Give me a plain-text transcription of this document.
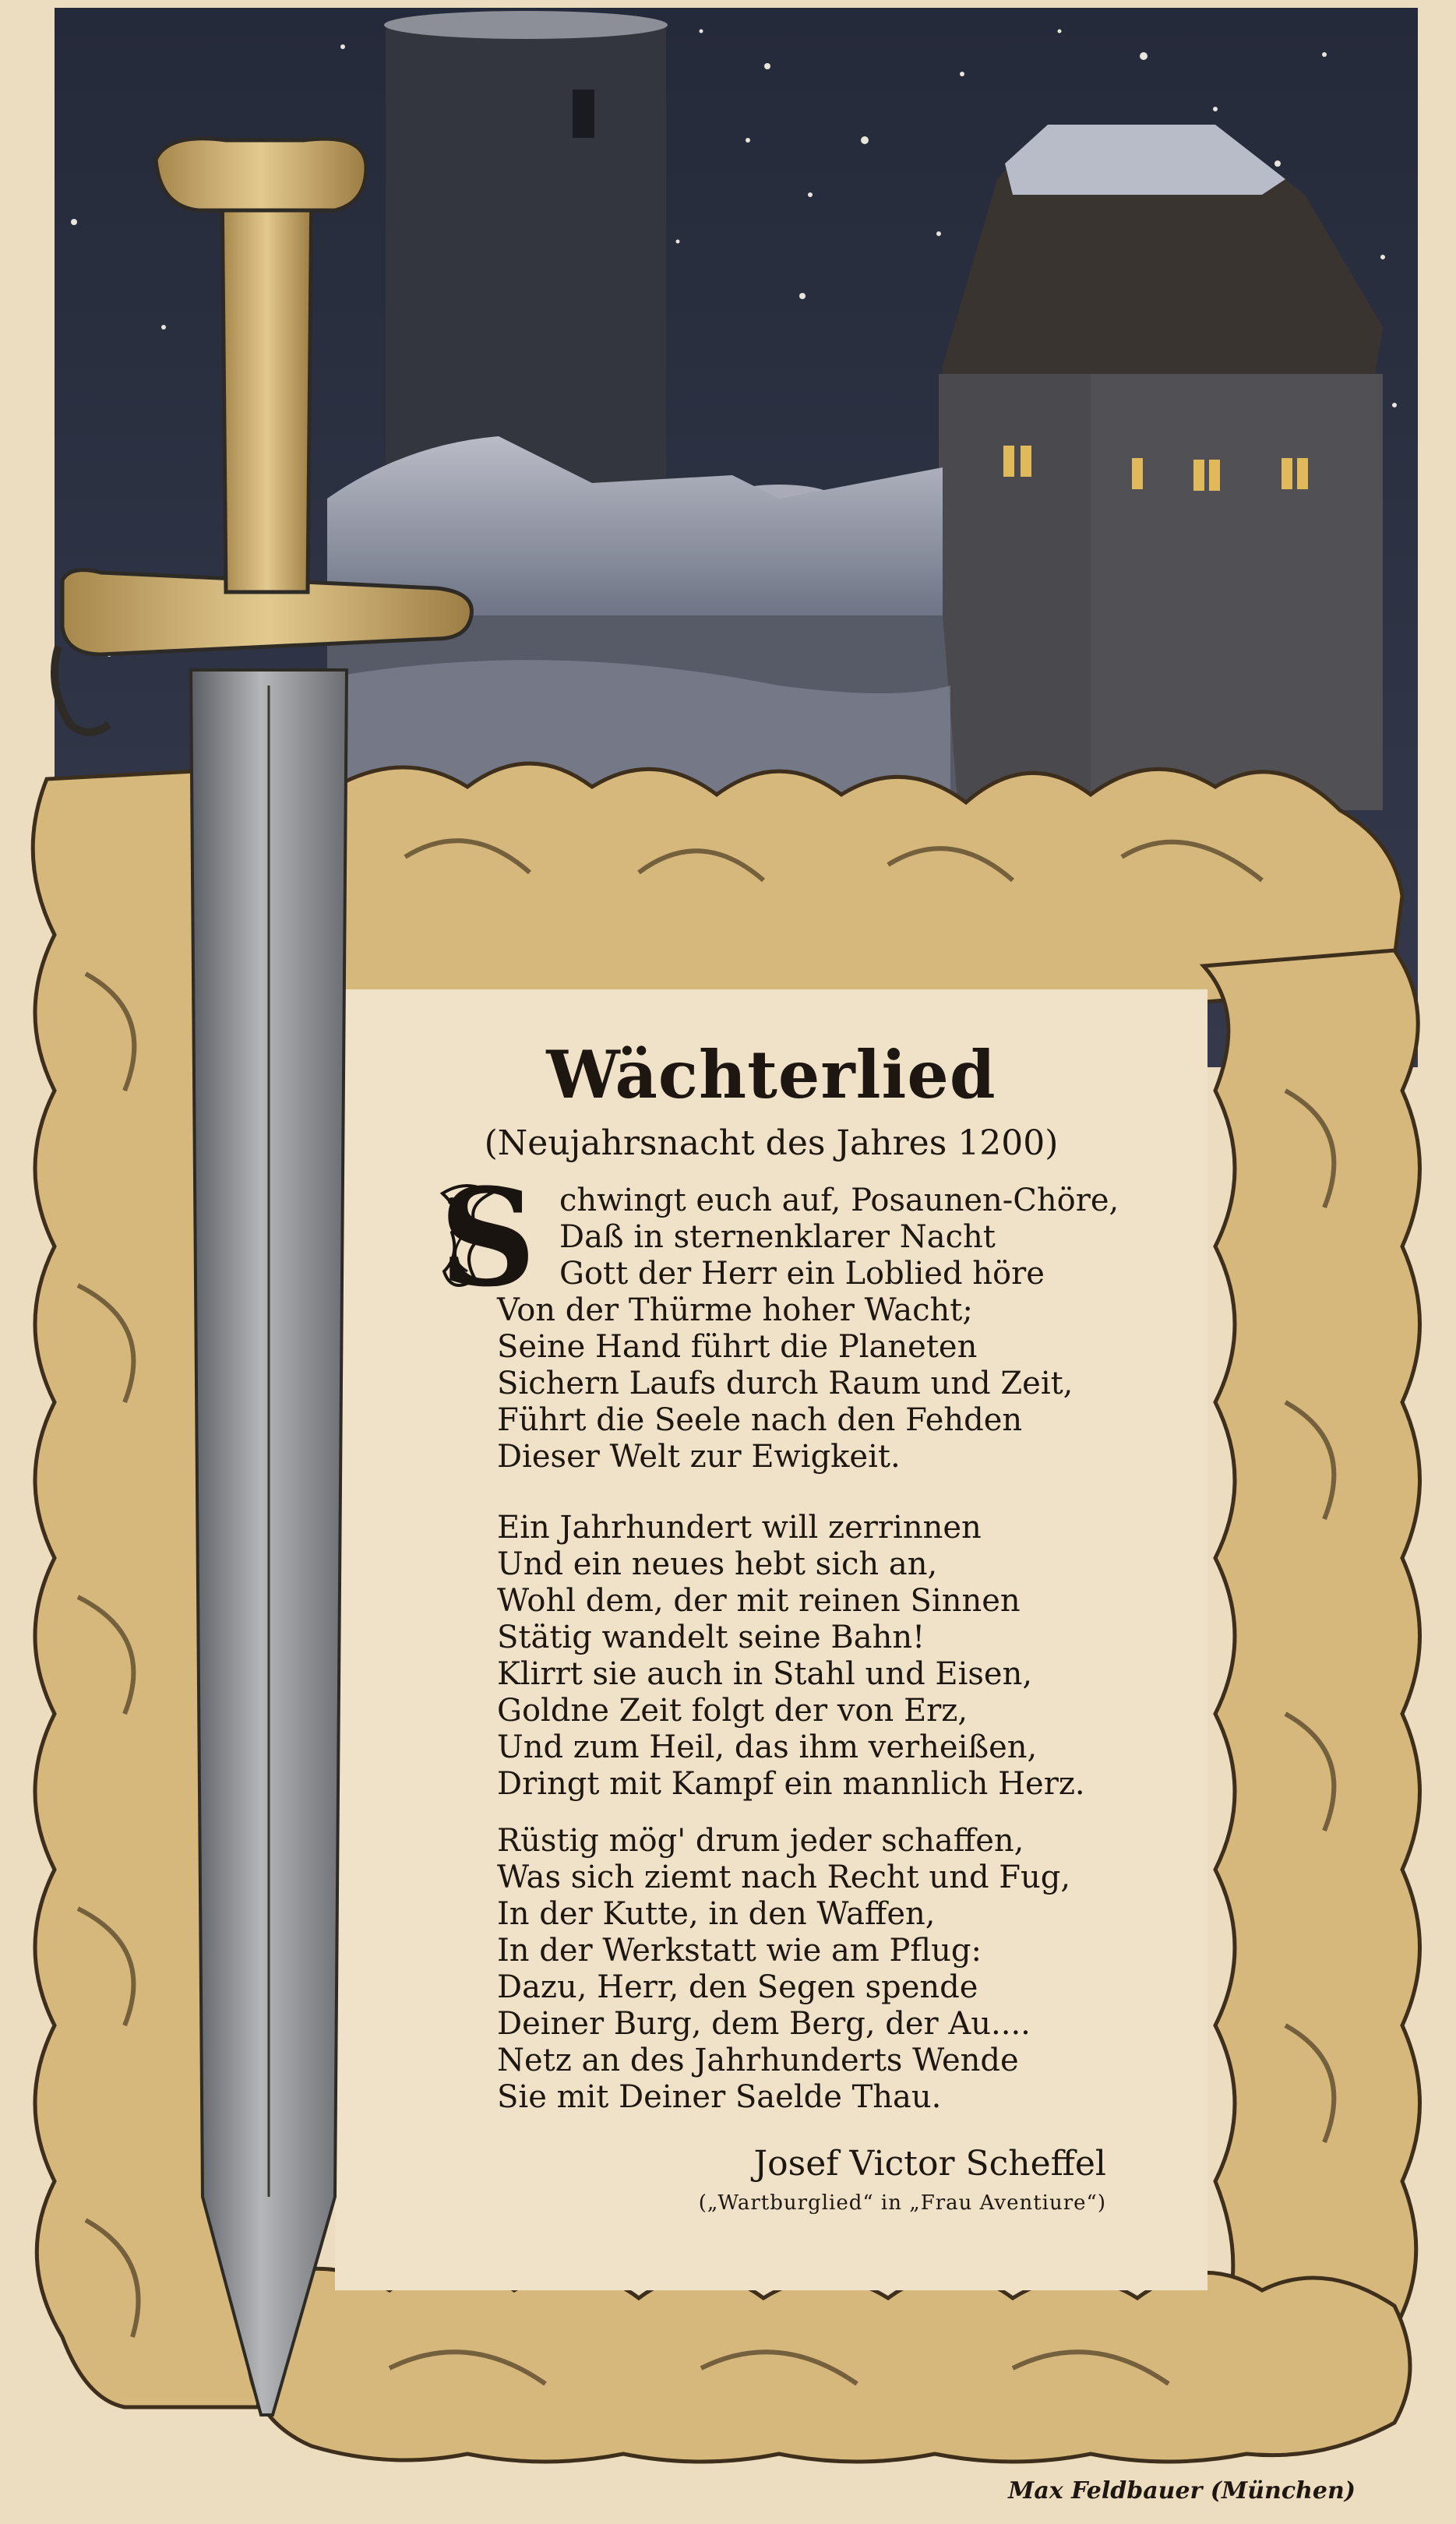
Wächterlied
(Neujahrsnacht des Jahres 1200)
S chwingt euch auf, Posaunen-Chöre,
Daß in sternenklarer Nacht
Gott der Herr ein Loblied höre
Von der Thürme hoher Wacht;
Seine Hand führt die Planeten
Sichern Laufs durch Raum und Zeit,
Führt die Seele nach den Fehden
Dieser Welt zur Ewigkeit.
Ein Jahrhundert will zerrinnen
Und ein neues hebt sich an,
Wohl dem, der mit reinen Sinnen
Stätig wandelt seine Bahn!
Klirrt sie auch in Stahl und Eisen,
Goldne Zeit folgt der von Erz,
Und zum Heil, das ihm verheißen,
Dringt mit Kampf ein mannlich Herz.
Rüstig mög' drum jeder schaffen,
Was sich ziemt nach Recht und Fug,
In der Kutte, in den Waffen,
In der Werkstatt wie am Pflug:
Dazu, Herr, den Segen spende
Deiner Burg, dem Berg, der Au....
Netz an des Jahrhunderts Wende
Sie mit Deiner Saelde Thau.
Josef Victor Scheffel
(„Wartburglied“ in „Frau Aventiure“)
Max Feldbauer (München)
